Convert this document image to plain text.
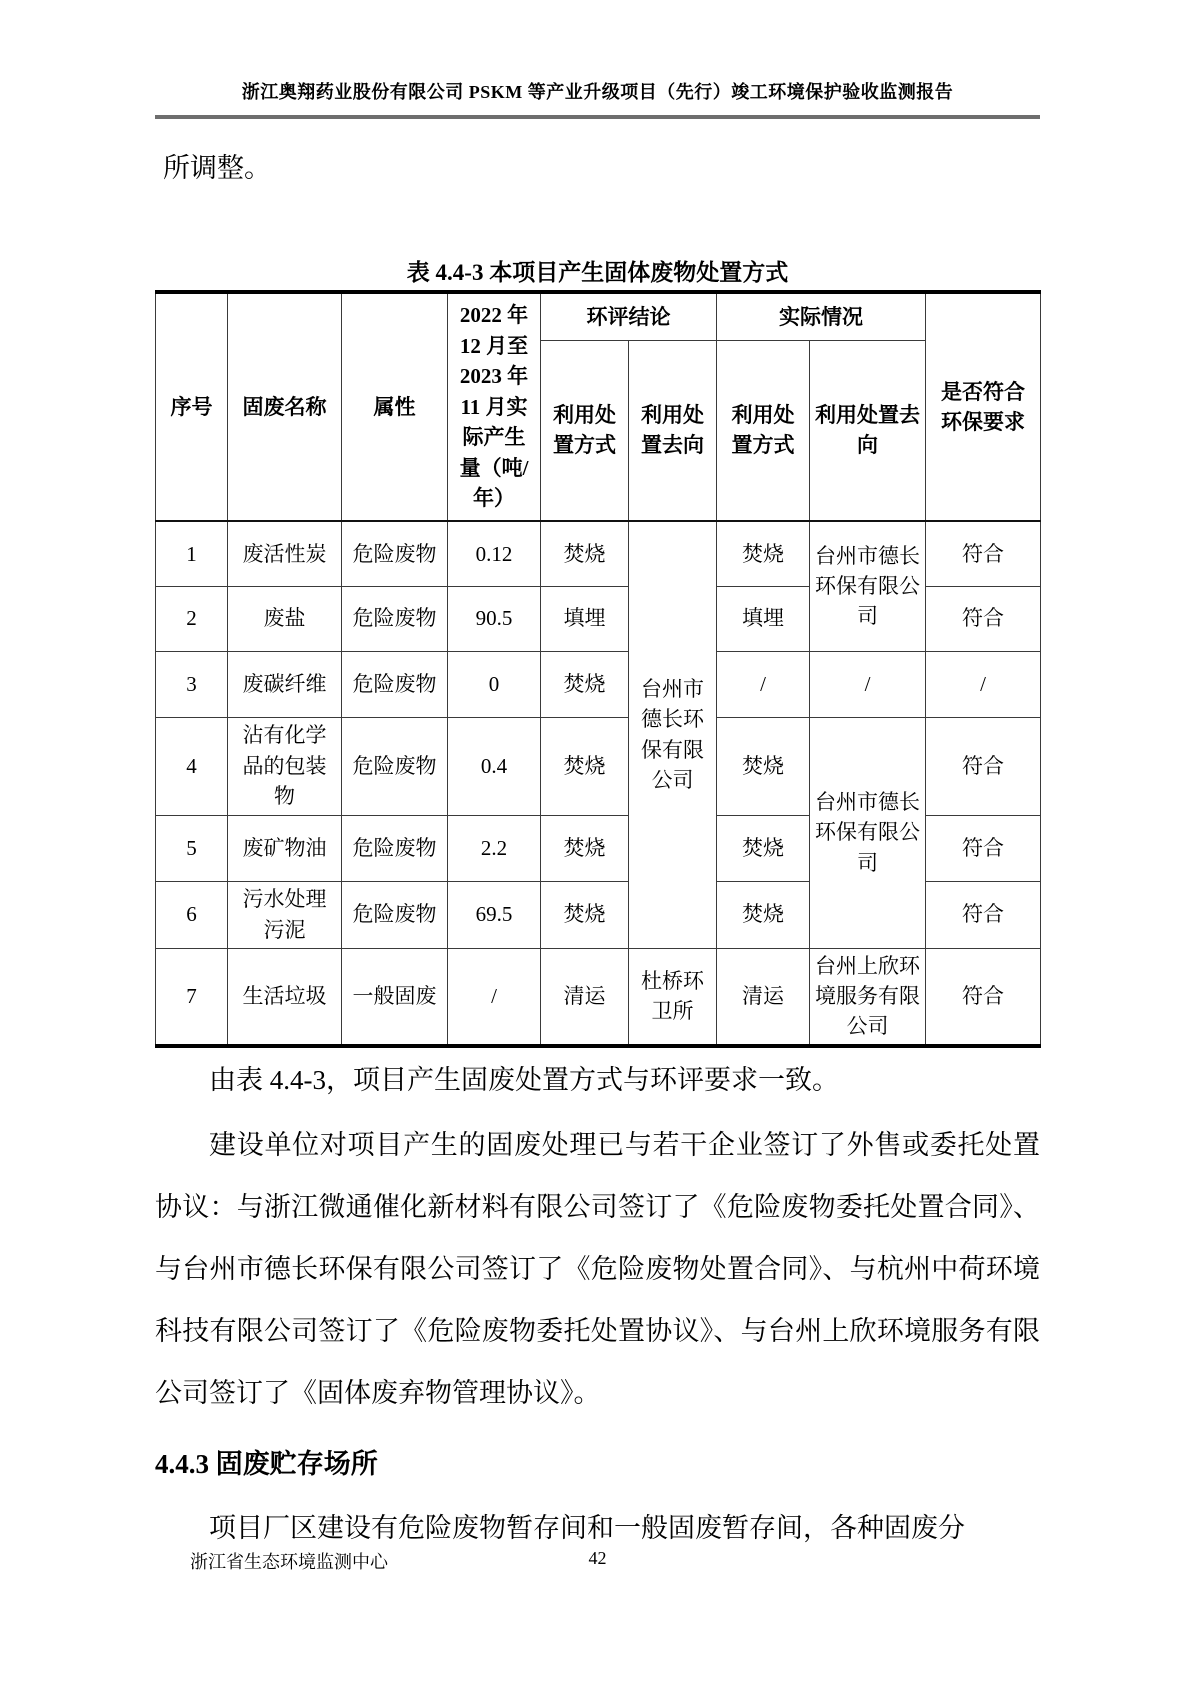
浙江奥翔药业股份有限公司 PSKM 等产业升级项目（先行）竣工环境保护验收监测报告
所调整。
表 4.4-3 本项目产生固体废物处置方式
序号	固废名称	属性	2022 年 12 月至 2023 年 11 月实际产生量（吨/年）	环评结论		实际情况		是否符合环保要求
				利用处置方式	利用处置去向	利用处置方式	利用处置去向	
1	废活性炭	危险废物	0.12	焚烧	台州市德长环保有限公司	焚烧	台州市德长环保有限公司	符合
2	废盐	危险废物	90.5	填埋		填埋		符合
3	废碳纤维	危险废物	0	焚烧		/	/	/
4	沾有化学品的包装物	危险废物	0.4	焚烧		焚烧	台州市德长环保有限公司	符合
5	废矿物油	危险废物	2.2	焚烧		焚烧		符合
6	污水处理污泥	危险废物	69.5	焚烧		焚烧		符合
7	生活垃圾	一般固废	/	清运	杜桥环卫所	清运	台州上欣环境服务有限公司	符合
由表 4.4-3，项目产生固废处置方式与环评要求一致。
建设单位对项目产生的固废处理已与若干企业签订了外售或委托处置协议：与浙江微通催化新材料有限公司签订了《危险废物委托处置合同》、与台州市德长环保有限公司签订了《危险废物处置合同》、与杭州中荷环境科技有限公司签订了《危险废物委托处置协议》、与台州上欣环境服务有限公司签订了《固体废弃物管理协议》。
4.4.3 固废贮存场所
项目厂区建设有危险废物暂存间和一般固废暂存间，各种固废分
浙江省生态环境监测中心	42
